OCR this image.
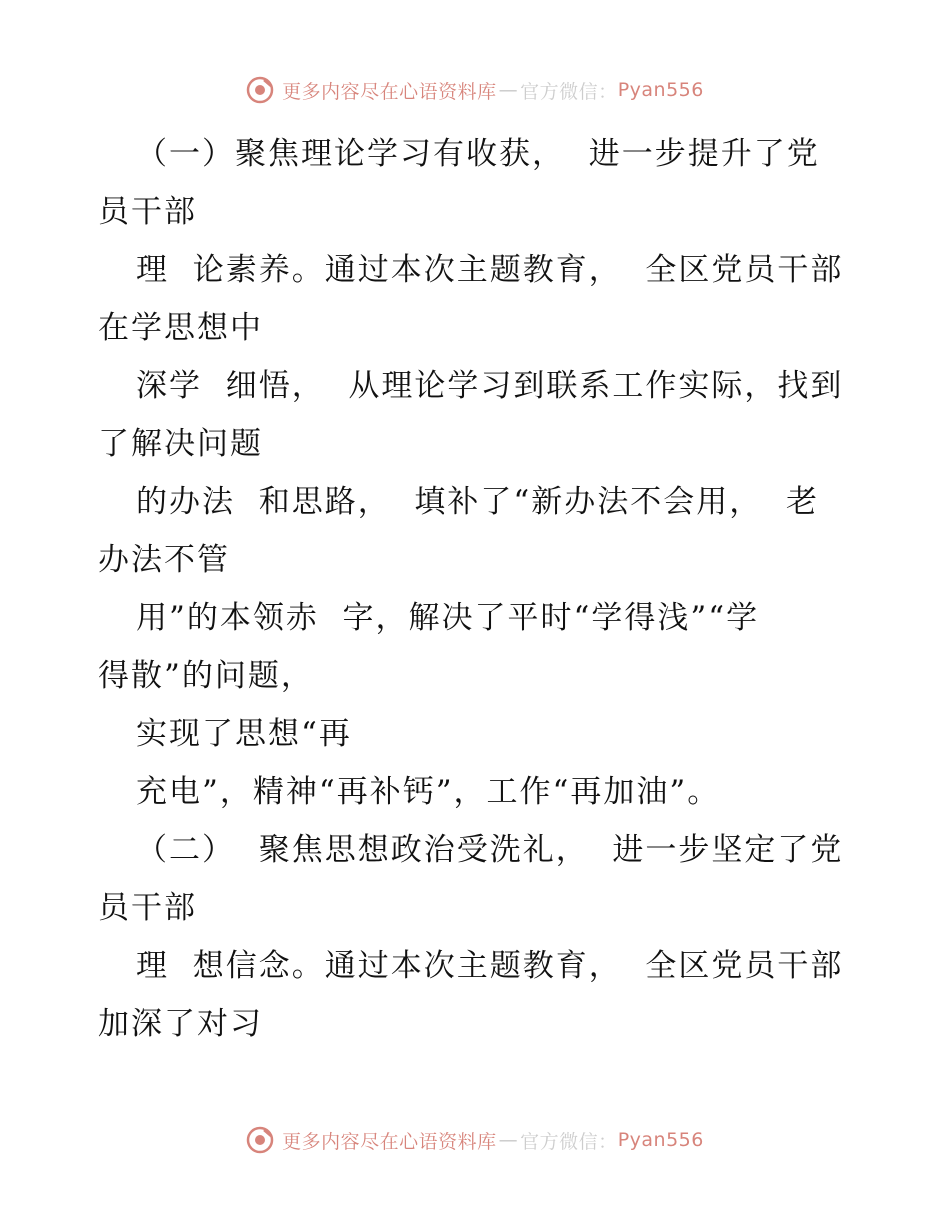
更多内容尽在心语资料库 — 官方微信： Pyan556
（一）聚焦理论学习有收获，  进一步提升了党
员干部
理  论素养。通过本次主题教育，  全区党员干部
在学思想中
深学  细悟，  从理论学习到联系工作实际，找到
了解决问题
的办法  和思路，  填补了“新办法不会用，  老
办法不管
用”的本领赤  字，解决了平时“学得浅”“学
得散”的问题，
实现了思想“再
充电”，精神“再补钙”，工作“再加油”。
（二）  聚焦思想政治受洗礼，  进一步坚定了党
员干部
理  想信念。通过本次主题教育，  全区党员干部
加深了对习
更多内容尽在心语资料库 — 官方微信： Pyan556
